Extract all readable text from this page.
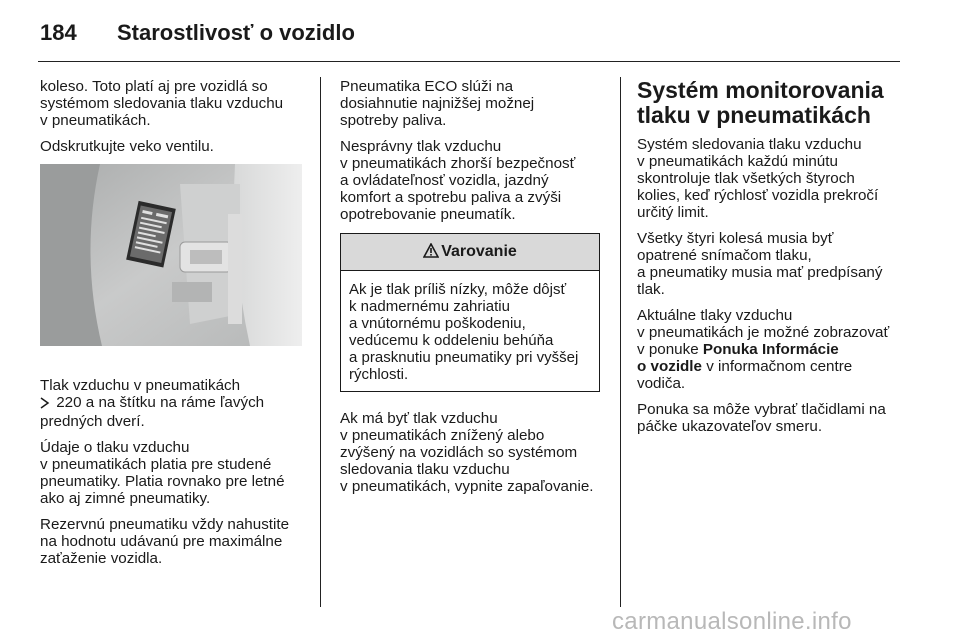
184 Starostlivosť o vozidlo

koleso. Toto platí aj pre vozidlá so
systémom sledovania tlaku vzduchu
v pneumatikách.

Odskrutkujte veko ventilu.

Tlak vzduchu v pneumatikách
220 a na štítku na ráme ľavých
predných dverí.

Údaje o tlaku vzduchu
v pneumatikách platia pre studené
pneumatiky. Platia rovnako pre letné
ako aj zimné pneumatiky.

Rezervnú pneumatiku vždy nahustite
na hodnotu udávanú pre maximálne
zaťaženie vozidla.

Pneumatika ECO slúži na
dosiahnutie najnižšej možnej
spotreby paliva.

Nesprávny tlak vzduchu
v pneumatikách zhorší bezpečnosť
a ovládateľnosť vozidla, jazdný
komfort a spotrebu paliva a zvýši
opotrebovanie pneumatík.

Varovanie
Ak je tlak príliš nízky, môže dôjsť
k nadmernému zahriatiu
a vnútornému poškodeniu,
vedúcemu k oddeleniu behúňa
a prasknutiu pneumatiky pri vyššej
rýchlosti.

Ak má byť tlak vzduchu
v pneumatikách znížený alebo
zvýšený na vozidlách so systémom
sledovania tlaku vzduchu
v pneumatikách, vypnite zapaľovanie.

Systém monitorovania
tlaku v pneumatikách

Systém sledovania tlaku vzduchu
v pneumatikách každú minútu
skontroluje tlak všetkých štyroch
kolies, keď rýchlosť vozidla prekročí
určitý limit.

Všetky štyri kolesá musia byť
opatrené snímačom tlaku,
a pneumatiky musia mať predpísaný
tlak.

Aktuálne tlaky vzduchu
v pneumatikách je možné zobrazovať
v ponuke Ponuka Informácie
o vozidle v informačnom centre
vodiča.

Ponuka sa môže vybrať tlačidlami na
páčke ukazovateľov smeru.

carmanualsonline.info
